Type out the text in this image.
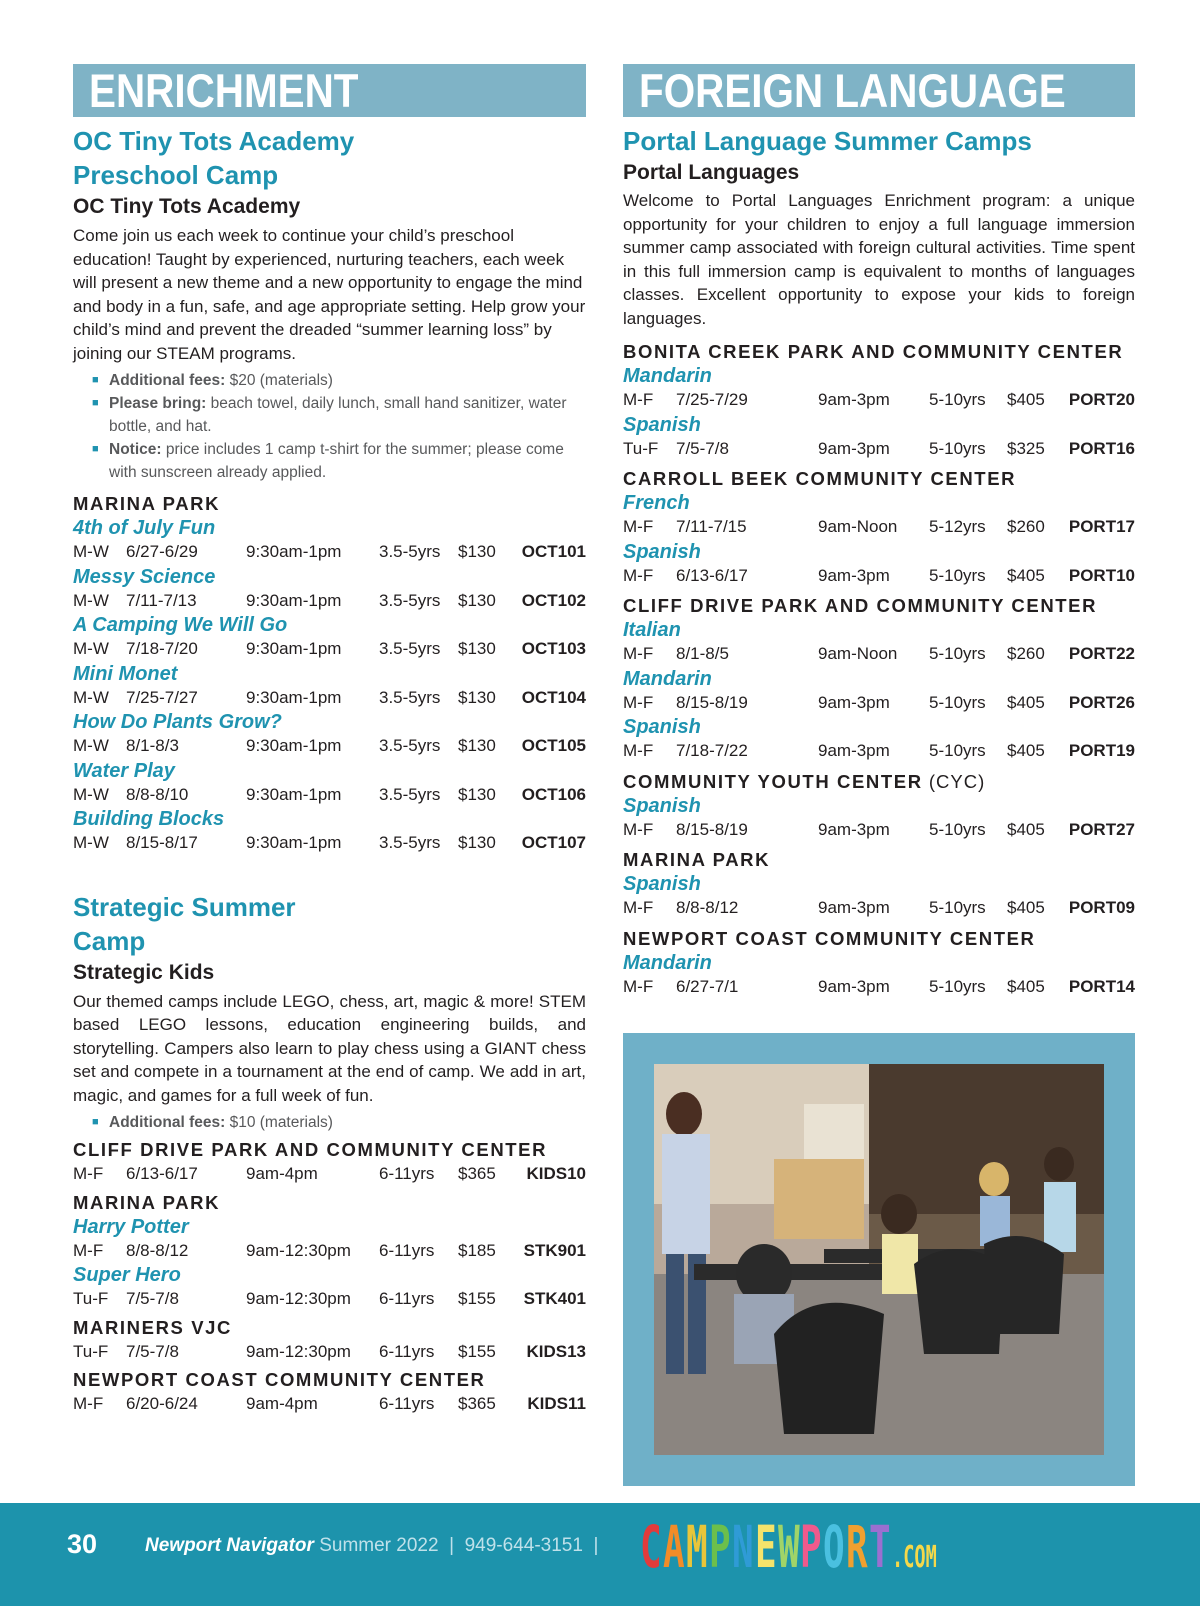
ENRICHMENT
OC Tiny Tots Academy
Preschool Camp
OC Tiny Tots Academy
Come join us each week to continue your child’s preschool education! Taught by experienced, nurturing teachers, each week will present a new theme and a new opportunity to engage the mind and body in a fun, safe, and age appropriate setting. Help grow your child’s mind and prevent the dreaded “summer learning loss” by joining our STEAM programs.
■ Additional fees: $20 (materials)
■ Please bring: beach towel, daily lunch, small hand sanitizer, water bottle, and hat.
■ Notice: price includes 1 camp t-shirt for the summer; please come with sunscreen already applied.
MARINA PARK
4th of July Fun
M-W 6/27-6/29	9:30am-1pm 3.5-5yrs $130 OCT101
Messy Science
M-W 7/11-7/13	9:30am-1pm 3.5-5yrs $130 OCT102
A Camping We Will Go
M-W 7/18-7/20	9:30am-1pm 3.5-5yrs $130 OCT103
Mini Monet
M-W 7/25-7/27	9:30am-1pm 3.5-5yrs $130 OCT104
How Do Plants Grow?
M-W 8/1-8/3	9:30am-1pm 3.5-5yrs $130 OCT105
Water Play
M-W 8/8-8/10	9:30am-1pm 3.5-5yrs $130 OCT106
Building Blocks
M-W 8/15-8/17	9:30am-1pm 3.5-5yrs $130 OCT107
Strategic Summer
Camp
Strategic Kids
Our themed camps include LEGO, chess, art, magic & more! STEM based LEGO lessons, education engineering builds, and storytelling. Campers also learn to play chess using a GIANT chess set and compete in a tournament at the end of camp. We add in art, magic, and games for a full week of fun.
■ Additional fees: $10 (materials)
CLIFF DRIVE PARK AND COMMUNITY CENTER
M-F 6/13-6/17	9am-4pm	6-11yrs $365 KIDS10
MARINA PARK
Harry Potter
M-F 8/8-8/12	9am-12:30pm 6-11yrs $185 STK901
Super Hero
Tu-F 7/5-7/8	9am-12:30pm 6-11yrs $155 STK401
MARINERS VJC
Tu-F 7/5-7/8	9am-12:30pm 6-11yrs $155 KIDS13
NEWPORT COAST COMMUNITY CENTER
M-F 6/20-6/24	9am-4pm	6-11yrs $365 KIDS11
FOREIGN LANGUAGE
Portal Language Summer Camps
Portal Languages
Welcome to Portal Languages Enrichment program: a unique opportunity for your children to enjoy a full language immersion summer camp associated with foreign cultural activities. Time spent in this full immersion camp is equivalent to months of languages classes. Excellent opportunity to expose your kids to foreign languages.
BONITA CREEK PARK AND COMMUNITY CENTER
Mandarin
M-F 7/25-7/29	9am-3pm 5-10yrs $405 PORT20
Spanish
Tu-F 7/5-7/8	9am-3pm 5-10yrs $325 PORT16
CARROLL BEEK COMMUNITY CENTER
French
M-F 7/11-7/15	9am-Noon 5-12yrs $260 PORT17
Spanish
M-F 6/13-6/17	9am-3pm 5-10yrs $405 PORT10
CLIFF DRIVE PARK AND COMMUNITY CENTER
Italian
M-F 8/1-8/5	9am-Noon 5-10yrs $260 PORT22
Mandarin
M-F 8/15-8/19	9am-3pm 5-10yrs $405 PORT26
Spanish
M-F 7/18-7/22	9am-3pm 5-10yrs $405 PORT19
COMMUNITY YOUTH CENTER (CYC)
Spanish
M-F 8/15-8/19	9am-3pm 5-10yrs $405 PORT27
MARINA PARK
Spanish
M-F 8/8-8/12	9am-3pm 5-10yrs $405 PORT09
NEWPORT COAST COMMUNITY CENTER
Mandarin
M-F 6/27-7/1	9am-3pm 5-10yrs $405 PORT14
30	Newport Navigator Summer 2022  |  949-644-3151  | CAMPNEWPORT.COM
